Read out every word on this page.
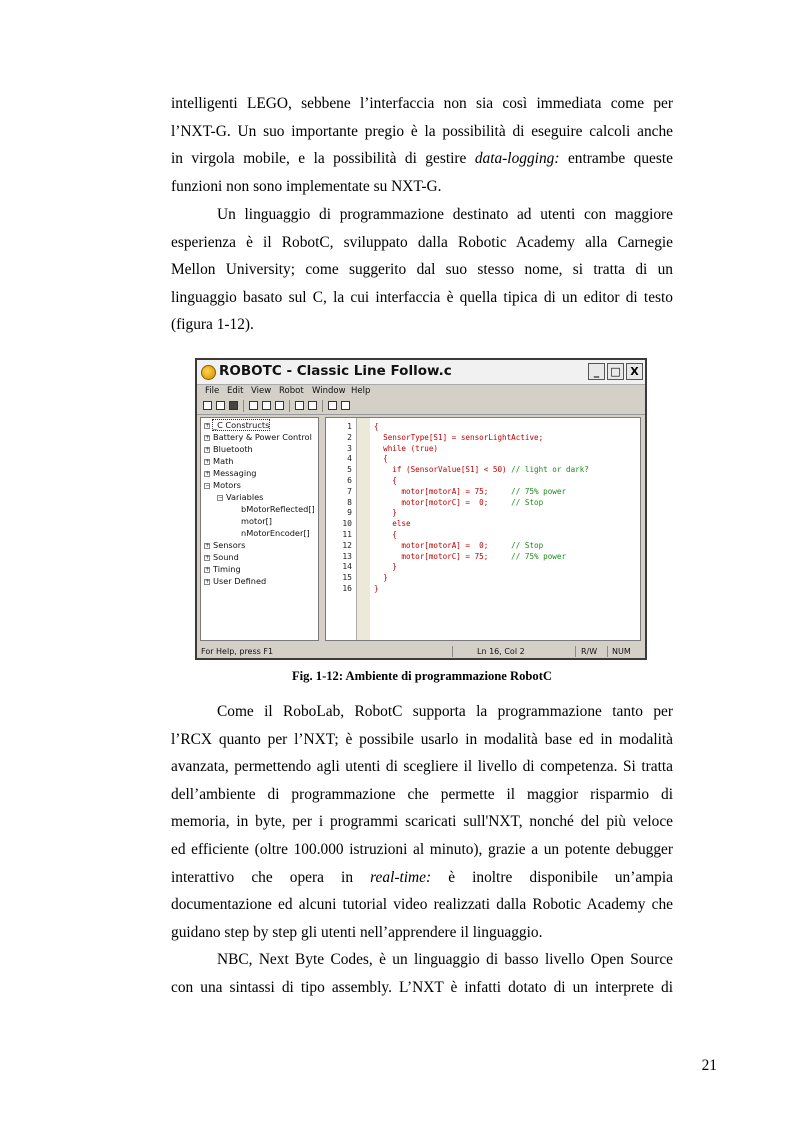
intelligenti LEGO, sebbene l’interfaccia non sia così immediata come per
l’NXT-G. Un suo importante pregio è la possibilità di eseguire calcoli anche
in virgola mobile, e la possibilità di gestire data-logging: entrambe queste
funzioni non sono implementate su NXT-G.
Un linguaggio di programmazione destinato ad utenti con maggiore
esperienza è il RobotC, sviluppato dalla Robotic Academy alla Carnegie
Mellon University; come suggerito dal suo stesso nome, si tratta di un
linguaggio basato sul C, la cui interfaccia è quella tipica di un editor di testo
(figura 1-12).
ROBOTC - Classic Line Follow.c	_	□ X
File Edit View Robot Window Help
+ _C Constructs
+ Battery & Power Control
+ Bluetooth
+ Math
+ Messaging
− Motors
− Variables
bMotorReflected[]
motor[]
nMotorEncoder[]
+ Sensors
+ Sound
+ Timing
+ User Defined
1
2
3
4
5
6
7
8
9
10
11
12
13
14
15
16
{
SensorType[S1] = sensorLightActive;
while (true)
{
if (SensorValue[S1] < 50) // light or dark?
{
motor[motorA] = 75;     // 75% power
motor[motorC] =  0;     // Stop
}
else
{
motor[motorA] =  0;     // Stop
motor[motorC] = 75;     // 75% power
}
}
}
For Help, press F1	Ln 16, Col 2	R/W NUM
Fig. 1-12: Ambiente di programmazione RobotC
Come il RoboLab, RobotC supporta la programmazione tanto per
l’RCX quanto per l’NXT; è possibile usarlo in modalità base ed in modalità
avanzata, permettendo agli utenti di scegliere il livello di competenza. Si tratta
dell’ambiente di programmazione che permette il maggior risparmio di
memoria, in byte, per i programmi scaricati sull'NXT, nonché del più veloce
ed efficiente (oltre 100.000 istruzioni al minuto), grazie a un potente debugger
interattivo che opera in real-time: è inoltre disponibile un’ampia
documentazione ed alcuni tutorial video realizzati dalla Robotic Academy che
guidano step by step gli utenti nell’apprendere il linguaggio.
NBC, Next Byte Codes, è un linguaggio di basso livello Open Source
con una sintassi di tipo assembly. L’NXT è infatti dotato di un interprete di
21
